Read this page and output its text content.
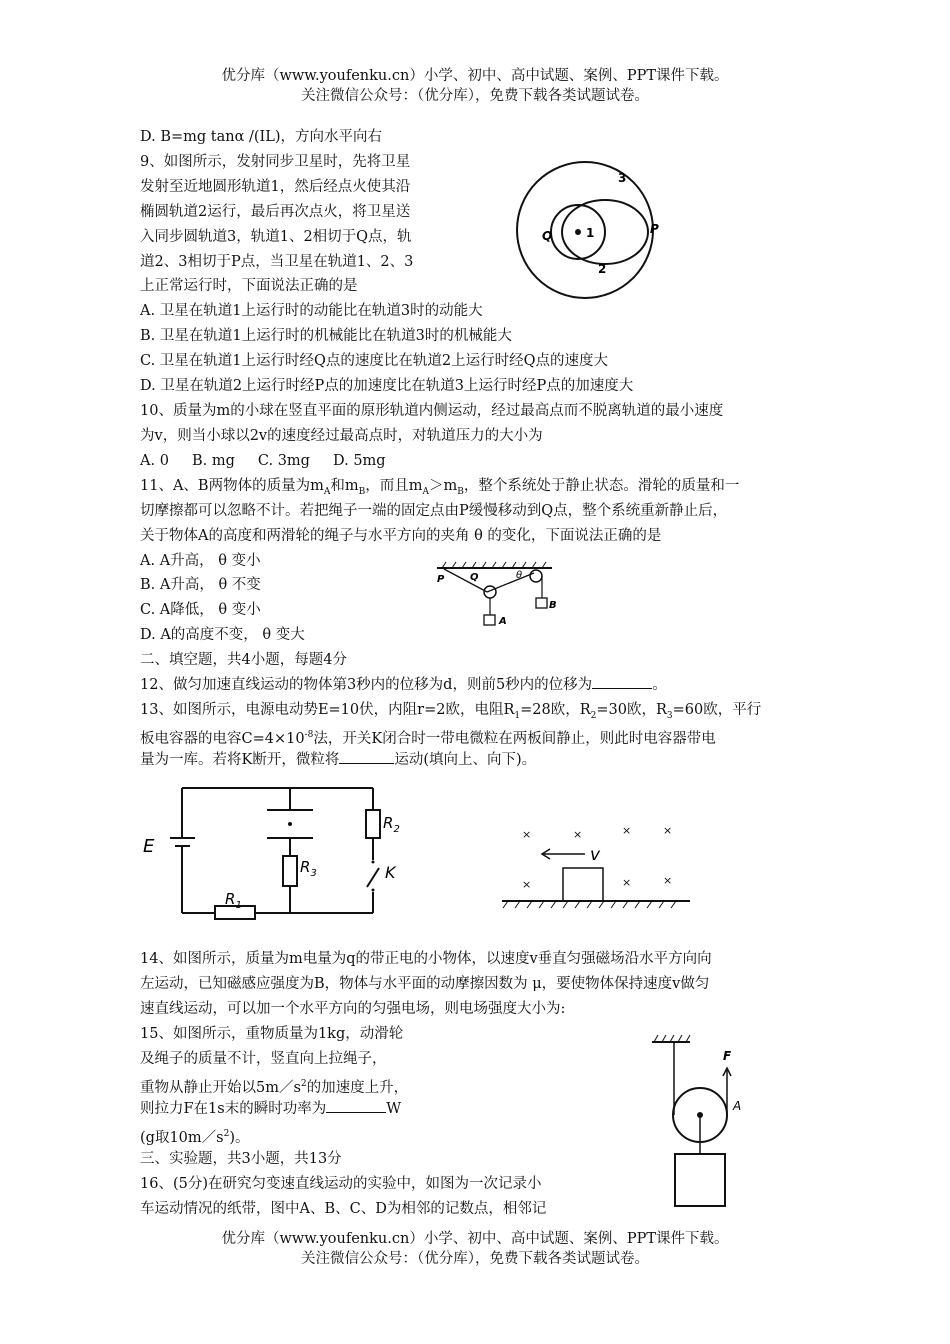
优分库（www.youfenku.cn）小学、初中、高中试题、案例、PPT课件下载。
关注微信公众号：（优分库），免费下载各类试题试卷。
D. B=mg tanα /(IL)，方向水平向右
9、如图所示，发射同步卫星时，先将卫星
发射至近地圆形轨道1，然后经点火使其沿
椭圆轨道2运行，最后再次点火，将卫星送
入同步圆轨道3，轨道1、2相切于Q点，轨
道2、3相切于P点，当卫星在轨道1、2、3
上正常运行时，下面说法正确的是
A. 卫星在轨道1上运行时的动能比在轨道3时的动能大
B. 卫星在轨道1上运行时的机械能比在轨道3时的机械能大
C. 卫星在轨道1上运行时经Q点的速度比在轨道2上运行时经Q点的速度大
D. 卫星在轨道2上运行时经P点的加速度比在轨道3上运行时经P点的加速度大
10、质量为m的小球在竖直平面的原形轨道内侧运动，经过最高点而不脱离轨道的最小速度
为v，则当小球以2v的速度经过最高点时，对轨道压力的大小为
A. 0     B. mg     C. 3mg     D. 5mg
11、A、B两物体的质量为$m_A$和$m_B$，而且$m_A>m_B$，整个系统处于静止状态。滑轮的质量和一
切摩擦都可以忽略不计。若把绳子一端的固定点由P缓慢移动到Q点，整个系统重新静止后，
关于物体A的高度和两滑轮的绳子与水平方向的夹角 θ 的变化，下面说法正确的是
A. A升高， θ 变小
B. A升高， θ 不变
C. A降低， θ 变小
D. A的高度不变， θ 变大
二、填空题，共4小题，每题4分
12、做匀加速直线运动的物体第3秒内的位移为d，则前5秒内的位移为	。
13、如图所示，电源电动势E=10伏，内阻r=2欧，电阻$R_1=28$欧，$R_2=30$欧，$R_3=60$欧，平行
板电容器的电容$C=4\times 10^{-8}$法，开关K闭合时一带电微粒在两板间静止，则此时电容器带电
量为一库。若将K断开，微粒将	运动(填向上、向下)。
14、如图所示，质量为m电量为q的带正电的小物体，以速度v垂直匀强磁场沿水平方向向
左运动，已知磁感应强度为B，物体与水平面的动摩擦因数为 μ，要使物体保持速度v做匀
速直线运动，可以加一个水平方向的匀强电场，则电场强度大小为:
15、如图所示，重物质量为1kg，动滑轮
及绳子的质量不计，竖直向上拉绳子，
重物从静止开始以$5m/s^2$的加速度上升，
则拉力F在1s末的瞬时功率为	W
(g取$10m/s^2$)。
三、实验题，共3小题，共13分
16、(5分)在研究匀变速直线运动的实验中，如图为一次记录小
车运动情况的纸带，图中A、B、C、D为相邻的记数点，相邻记
优分库（www.youfenku.cn）小学、初中、高中试题、案例、PPT课件下载。
关注微信公众号：（优分库），免费下载各类试题试卷。
1
Q	P
3
2
P	Q	θ
A
B
E
$R_1$
$R_3$
$R_2$
K
×	×	×	×
×	×	×
v
F
A
